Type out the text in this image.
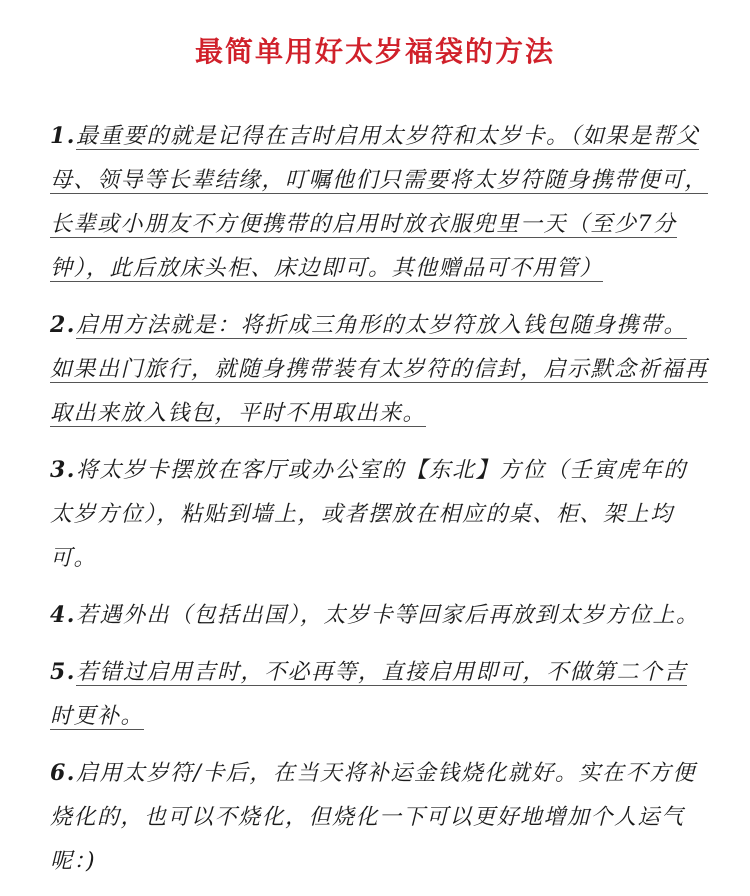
最简单用好太岁福袋的方法
1.最重要的就是记得在吉时启用太岁符和太岁卡。（如果是帮父母、领导等长辈结缘，叮嘱他们只需要将太岁符随身携带便可，长辈或小朋友不方便携带的启用时放衣服兜里一天（至少7分钟），此后放床头柜、床边即可。其他赠品可不用管）
2.启用方法就是：将折成三角形的太岁符放入钱包随身携带。如果出门旅行，就随身携带装有太岁符的信封，启示默念祈福再取出来放入钱包，平时不用取出来。
3.将太岁卡摆放在客厅或办公室的【东北】方位（壬寅虎年的太岁方位），粘贴到墙上，或者摆放在相应的桌、柜、架上均可。
4.若遇外出（包括出国），太岁卡等回家后再放到太岁方位上。
5.若错过启用吉时，不必再等，直接启用即可，不做第二个吉时更补。
6.启用太岁符/卡后，在当天将补运金钱烧化就好。实在不方便烧化的，也可以不烧化，但烧化一下可以更好地增加个人运气呢：)
